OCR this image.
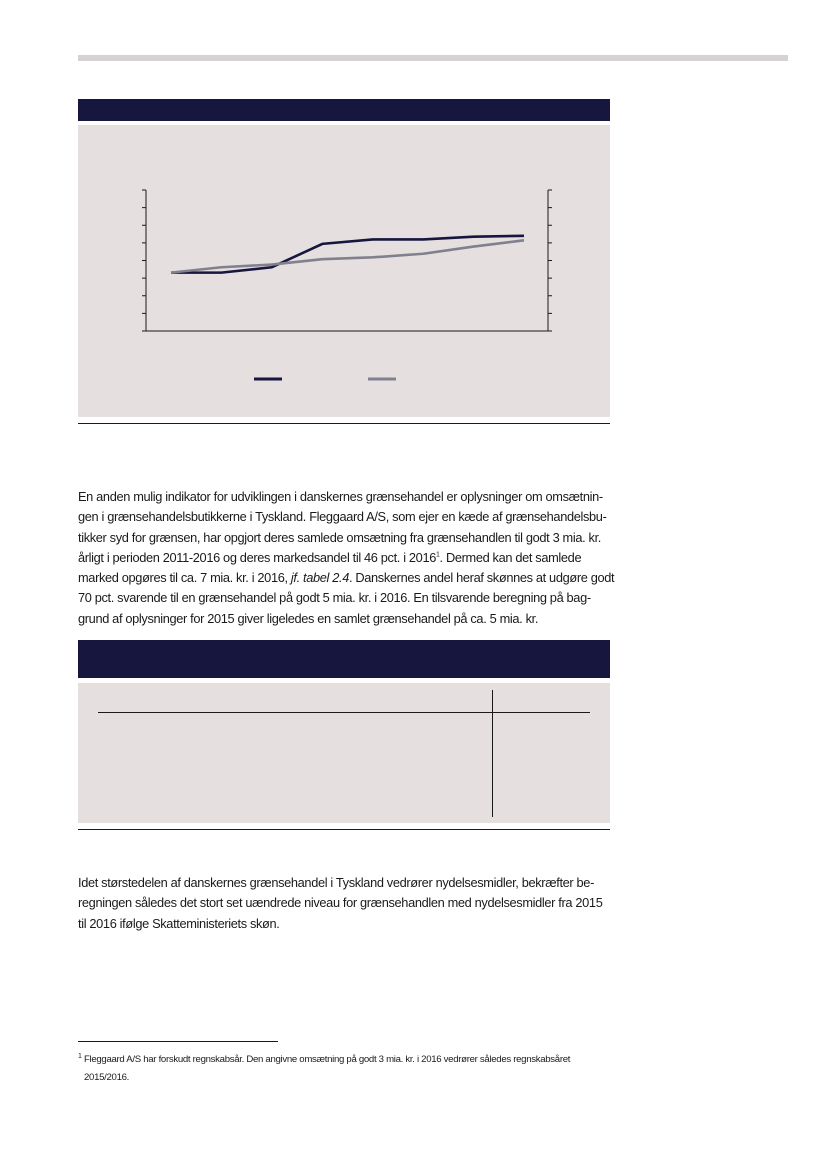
En anden mulig indikator for udviklingen i danskernes grænsehandel er oplysninger om omsætnin-
gen i grænsehandelsbutikkerne i Tyskland. Fleggaard A/S, som ejer en kæde af grænsehandelsbu-
tikker syd for grænsen, har opgjort deres samlede omsætning fra grænsehandlen til godt 3 mia. kr.
årligt i perioden 2011-2016 og deres markedsandel til 46 pct. i 2016$^1$. Dermed kan det samlede
marked opgøres til ca. 7 mia. kr. i 2016, jf. tabel 2.4. Danskernes andel heraf skønnes at udgøre godt
70 pct. svarende til en grænsehandel på godt 5 mia. kr. i 2016. En tilsvarende beregning på bag-
grund af oplysninger for 2015 giver ligeledes en samlet grænsehandel på ca. 5 mia. kr.

Idet størstedelen af danskernes grænsehandel i Tyskland vedrører nydelsesmidler, bekræfter be-
regningen således det stort set uændrede niveau for grænsehandlen med nydelsesmidler fra 2015
til 2016 ifølge Skatteministeriets skøn.

$^1$ Fleggaard A/S har forskudt regnskabsår. Den angivne omsætning på godt 3 mia. kr. i 2016 vedrører således regnskabsåret
2015/2016.
